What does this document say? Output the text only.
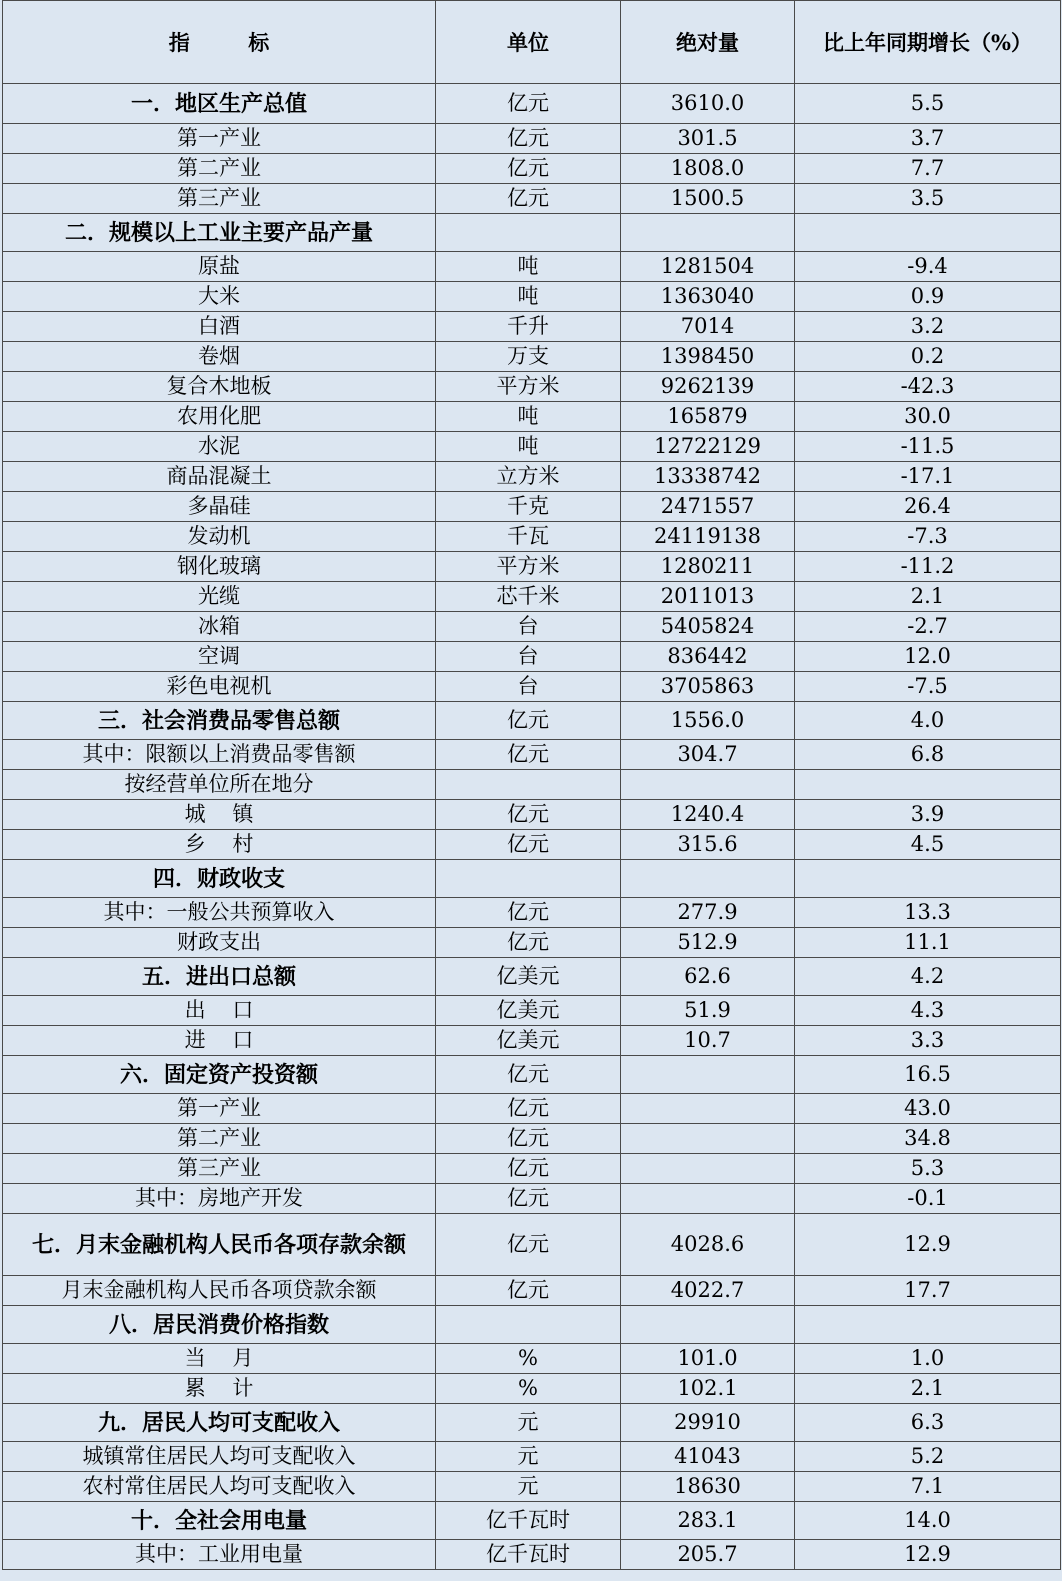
指        标	单位	绝对量	比上年同期增长（%）
一．地区生产总值	亿元	3610.0	5.5
第一产业	亿元	301.5	3.7
第二产业	亿元	1808.0	7.7
第三产业	亿元	1500.5	3.5
二．规模以上工业主要产品产量			
原盐	吨	1281504	-9.4
大米	吨	1363040	0.9
白酒	千升	7014	3.2
卷烟	万支	1398450	0.2
复合木地板	平方米	9262139	-42.3
农用化肥	吨	165879	30.0
水泥	吨	12722129	-11.5
商品混凝土	立方米	13338742	-17.1
多晶硅	千克	2471557	26.4
发动机	千瓦	24119138	-7.3
钢化玻璃	平方米	1280211	-11.2
光缆	芯千米	2011013	2.1
冰箱	台	5405824	-2.7
空调	台	836442	12.0
彩色电视机	台	3705863	-7.5
三．社会消费品零售总额	亿元	1556.0	4.0
其中：限额以上消费品零售额	亿元	304.7	6.8
按经营单位所在地分			
城    镇	亿元	1240.4	3.9
乡    村	亿元	315.6	4.5
四．财政收支			
其中：一般公共预算收入	亿元	277.9	13.3
财政支出	亿元	512.9	11.1
五．进出口总额	亿美元	62.6	4.2
出    口	亿美元	51.9	4.3
进    口	亿美元	10.7	3.3
六．固定资产投资额	亿元		16.5
第一产业	亿元		43.0
第二产业	亿元		34.8
第三产业	亿元		5.3
其中：房地产开发	亿元		-0.1
七．月末金融机构人民币各项存款余额	亿元	4028.6	12.9
月末金融机构人民币各项贷款余额	亿元	4022.7	17.7
八．居民消费价格指数			
当    月	%	101.0	1.0
累    计	%	102.1	2.1
九．居民人均可支配收入	元	29910	6.3
城镇常住居民人均可支配收入	元	41043	5.2
农村常住居民人均可支配收入	元	18630	7.1
十．全社会用电量	亿千瓦时	283.1	14.0
其中：工业用电量	亿千瓦时	205.7	12.9
